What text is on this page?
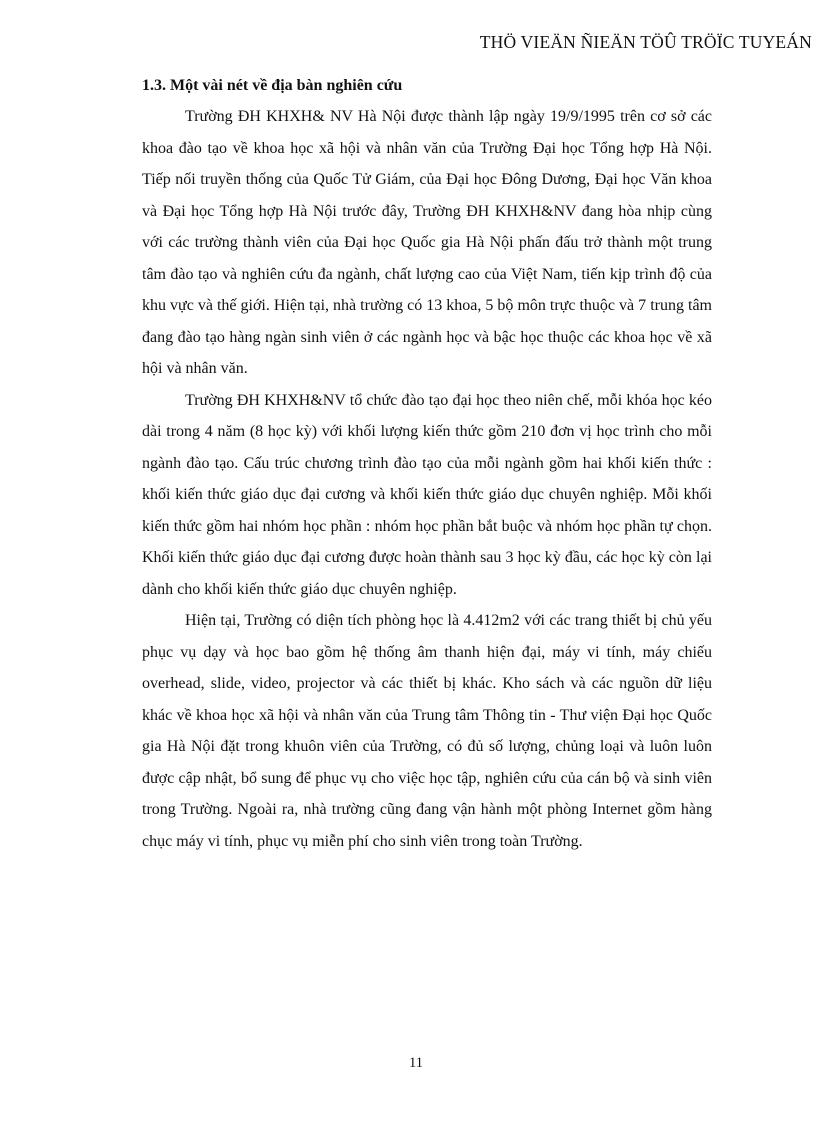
THÖ VIEÄN ÑIEÄN TÖÛ TRÖÏC TUYEÁN
1.3. Một vài nét về địa bàn nghiên cứu

Trường ĐH KHXH& NV Hà Nội được thành lập ngày 19/9/1995 trên cơ sở các khoa đào tạo về khoa học xã hội và nhân văn của Trường Đại học Tổng hợp Hà Nội. Tiếp nối truyền thống của Quốc Tử Giám, của Đại học Đông Dương, Đại học Văn khoa và Đại học Tổng hợp Hà Nội trước đây, Trường ĐH KHXH&NV đang hòa nhịp cùng với các trường thành viên của Đại học Quốc gia Hà Nội phấn đấu trở thành một trung tâm đào tạo và nghiên cứu đa ngành, chất lượng cao của Việt Nam, tiến kịp trình độ của khu vực và thế giới. Hiện tại, nhà trường có 13 khoa, 5 bộ môn trực thuộc và 7 trung tâm đang đào tạo hàng ngàn sinh viên ở các ngành học và bậc học thuộc các khoa học về xã hội và nhân văn.

Trường ĐH KHXH&NV tổ chức đào tạo đại học theo niên chế, mỗi khóa học kéo dài trong 4 năm (8 học kỳ) với khối lượng kiến thức gồm 210 đơn vị học trình cho mỗi ngành đào tạo. Cấu trúc chương trình đào tạo của mỗi ngành gồm hai khối kiến thức : khối kiến thức giáo dục đại cương và khối kiến thức giáo dục chuyên nghiệp. Mỗi khối kiến thức gồm hai nhóm học phần : nhóm học phần bắt buộc và nhóm học phần tự chọn. Khối kiến thức giáo dục đại cương được hoàn thành sau 3 học kỳ đầu, các học kỳ còn lại dành cho khối kiến thức giáo dục chuyên nghiệp.

Hiện tại, Trường có diện tích phòng học là 4.412m2 với các trang thiết bị chủ yếu phục vụ dạy và học bao gồm hệ thống âm thanh hiện đại, máy vi tính, máy chiếu overhead, slide, video, projector và các thiết bị khác. Kho sách và các nguồn dữ liệu khác về khoa học xã hội và nhân văn của Trung tâm Thông tin - Thư viện Đại học Quốc gia Hà Nội đặt trong khuôn viên của Trường, có đủ số lượng, chủng loại và luôn luôn được cập nhật, bổ sung để phục vụ cho việc học tập, nghiên cứu của cán bộ và sinh viên trong Trường. Ngoài ra, nhà trường cũng đang vận hành một phòng Internet gồm hàng chục máy vi tính, phục vụ miễn phí cho sinh viên trong toàn Trường.

11
